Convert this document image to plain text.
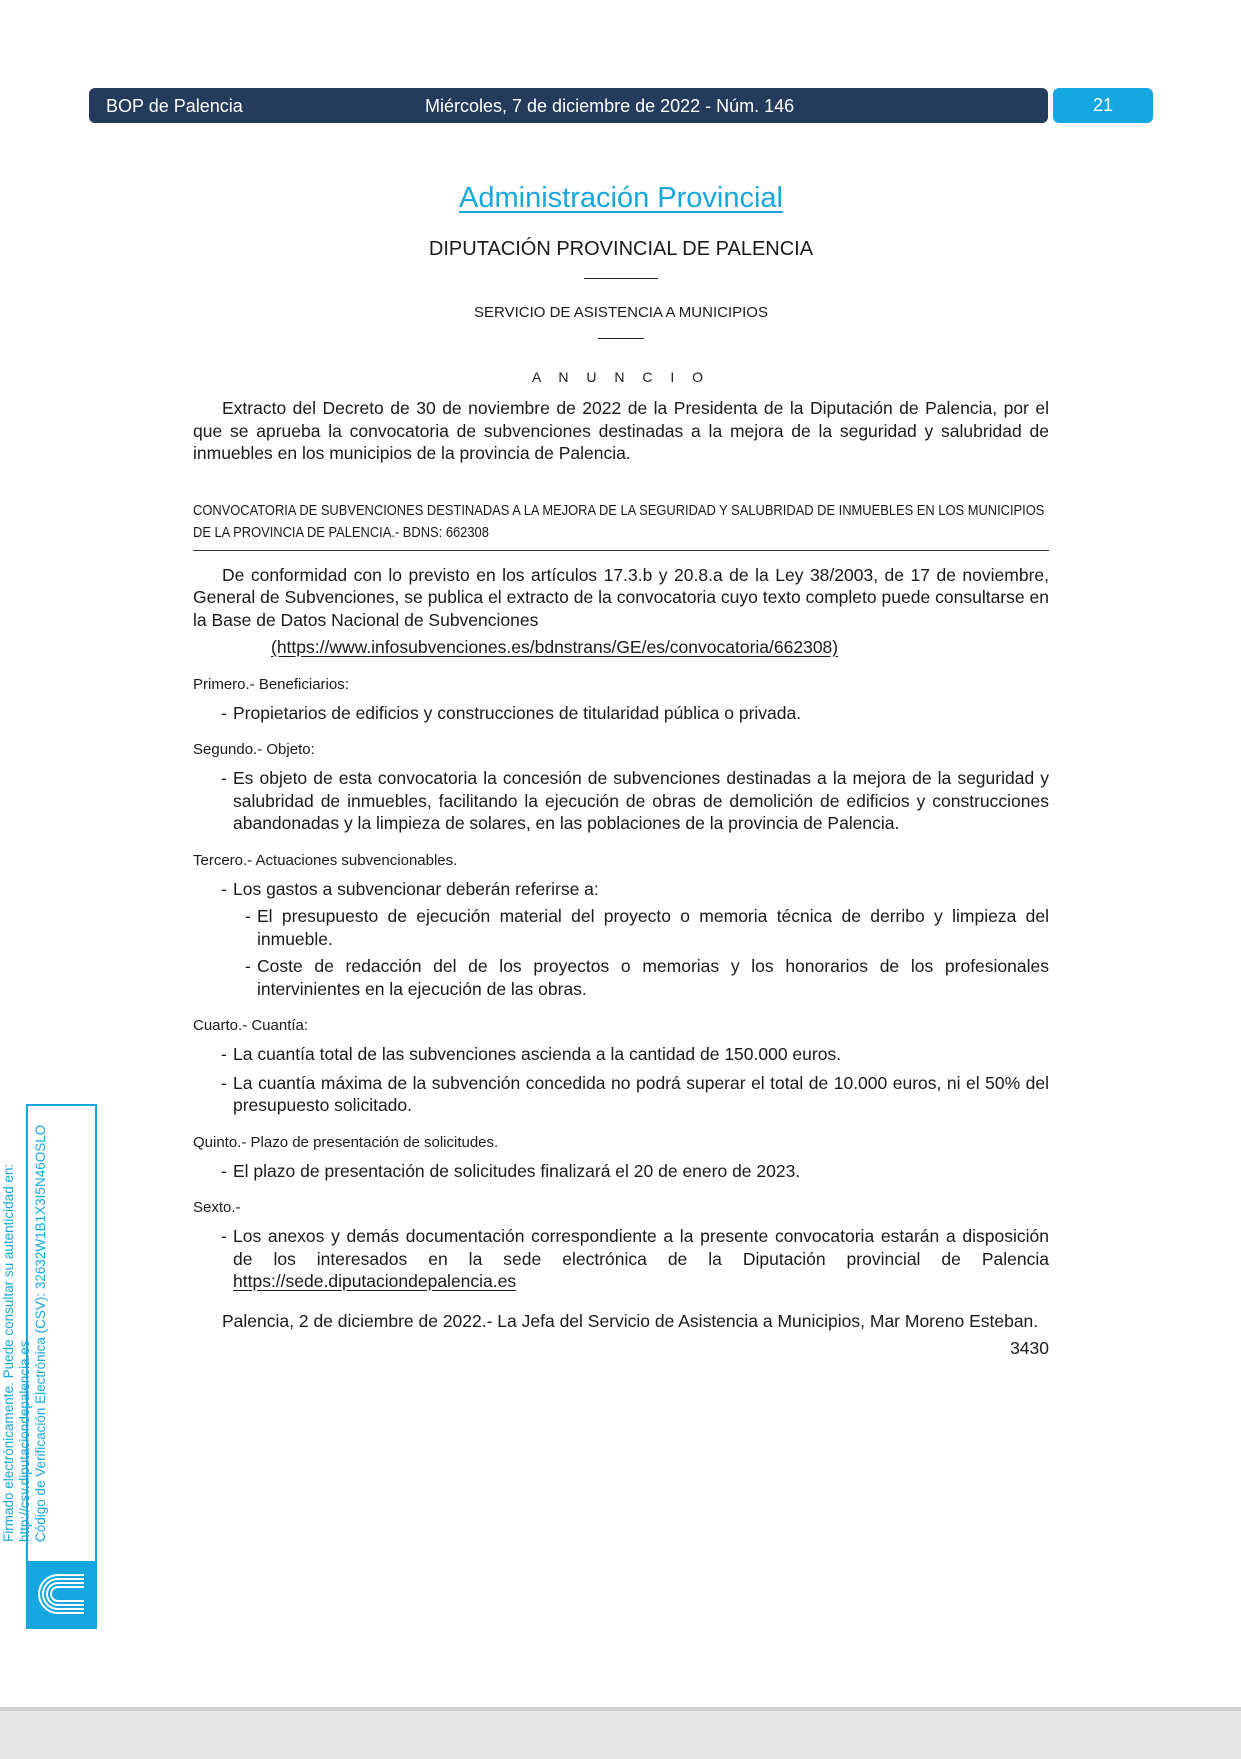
BOP de Palencia	Miércoles, 7 de diciembre de 2022 - Núm. 146	21
Administración Provincial
DIPUTACIÓN PROVINCIAL DE PALENCIA
SERVICIO DE ASISTENCIA A MUNICIPIOS
A N U N C I O

Extracto del Decreto de 30 de noviembre de 2022 de la Presidenta de la Diputación de Palencia, por el que se aprueba la convocatoria de subvenciones destinadas a la mejora de la seguridad y salubridad de inmuebles en los municipios de la provincia de Palencia.

CONVOCATORIA DE SUBVENCIONES DESTINADAS A LA MEJORA DE LA SEGURIDAD Y SALUBRIDAD DE INMUEBLES EN LOS MUNICIPIOS DE LA PROVINCIA DE PALENCIA.- BDNS: 662308

De conformidad con lo previsto en los artículos 17.3.b y 20.8.a de la Ley 38/2003, de 17 de noviembre, General de Subvenciones, se publica el extracto de la convocatoria cuyo texto completo puede consultarse en la Base de Datos Nacional de Subvenciones

(https://www.infosubvenciones.es/bdnstrans/GE/es/convocatoria/662308)
Primero.- Beneficiarios:
- Propietarios de edificios y construcciones de titularidad pública o privada.
Segundo.- Objeto:
- Es objeto de esta convocatoria la concesión de subvenciones destinadas a la mejora de la seguridad y salubridad de inmuebles, facilitando la ejecución de obras de demolición de edificios y construcciones abandonadas y la limpieza de solares, en las poblaciones de la provincia de Palencia.
Tercero.- Actuaciones subvencionables.
- Los gastos a subvencionar deberán referirse a:
- El presupuesto de ejecución material del proyecto o memoria técnica de derribo y limpieza del inmueble.
- Coste de redacción del de los proyectos o memorias y los honorarios de los profesionales intervinientes en la ejecución de las obras.
Cuarto.- Cuantía:
- La cuantía total de las subvenciones ascienda a la cantidad de 150.000 euros.
- La cuantía máxima de la subvención concedida no podrá superar el total de 10.000 euros, ni el 50% del presupuesto solicitado.
Quinto.- Plazo de presentación de solicitudes.
- El plazo de presentación de solicitudes finalizará el 20 de enero de 2023.
Sexto.-
- Los anexos y demás documentación correspondiente a la presente convocatoria estarán a disposición de los interesados en la sede electrónica de la Diputación provincial de Palencia https://sede.diputaciondepalencia.es

Palencia, 2 de diciembre de 2022.- La Jefa del Servicio de Asistencia a Municipios, Mar Moreno Esteban.

3430
Firmado electrónicamente. Puede consultar su autenticidad en: http://csv.diputaciondepalencia.es Código de Verificación Electrónica (CSV): 32632W1B1X3I5N46OSLO
